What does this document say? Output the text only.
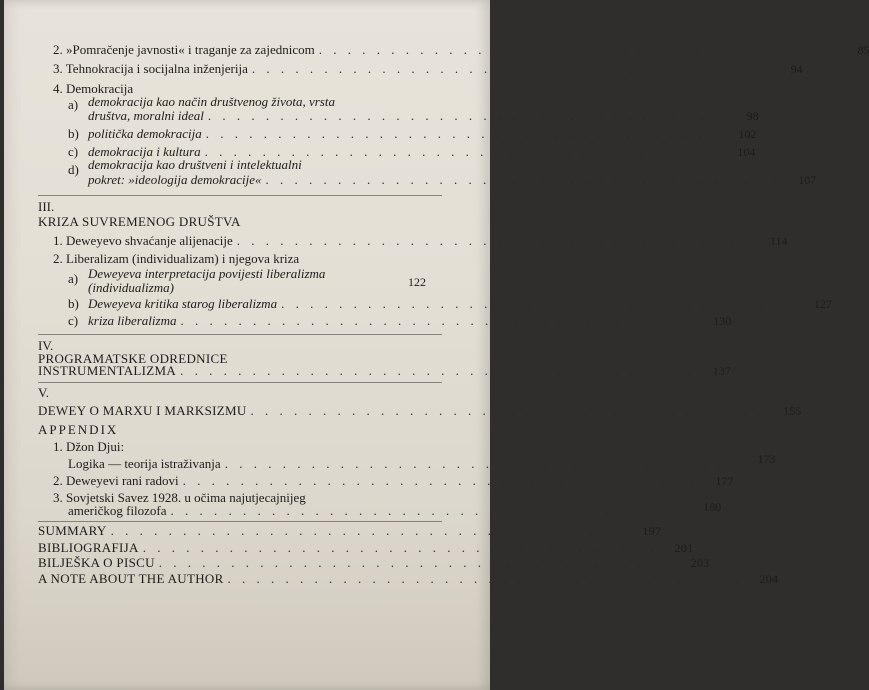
2. »Pomračenje javnosti« i traganje za zajednicom . . . . . . . . . . . . . . . . . . . . . . . . . . . . . . . . . . . .	85
3. Tehnokracija i socijalna inženjerija . . . . . . . . . . . . . . . . . . . . . . . . . . . . . . . . . . . .	94
4. Demokracija
a) demokracija kao način društvenog života, vrsta
društva, moralni ideal . . . . . . . . . . . . . . . . . . . . . . . . . . . . . . . . . . . .	98
b) politička demokracija . . . . . . . . . . . . . . . . . . . . . . . . . . . . . . . . . . . .	102
c) demokracija i kultura . . . . . . . . . . . . . . . . . . . . . . . . . . . . . . . . . . . .	104
d) demokracija kao društveni i intelektualni
pokret: »ideologija demokracije« . . . . . . . . . . . . . . . . . . . . . . . . . . . . . . . . . . . .	107
III.
KRIZA SUVREMENOG DRUŠTVA
1. Deweyevo shvaćanje alijenacije . . . . . . . . . . . . . . . . . . . . . . . . . . . . . . . . . . . .	114
2. Liberalizam (individualizam) i njegova kriza
a) Deweyeva interpretacija povijesti liberalizma
(individualizma)	122
b) Deweyeva kritika starog liberalizma . . . . . . . . . . . . . . . . . . . . . . . . . . . . . . . . . . . .	127
c) kriza liberalizma . . . . . . . . . . . . . . . . . . . . . . . . . . . . . . . . . . . .	130
IV.
PROGRAMATSKE ODREDNICE
INSTRUMENTALIZMA . . . . . . . . . . . . . . . . . . . . . . . . . . . . . . . . . . . .	137
V.
DEWEY O MARXU I MARKSIZMU . . . . . . . . . . . . . . . . . . . . . . . . . . . . . . . . . . . .	155
APPENDIX
1. Džon Djui:
Logika — teorija istraživanja . . . . . . . . . . . . . . . . . . . . . . . . . . . . . . . . . . . .	173
2. Deweyevi rani radovi . . . . . . . . . . . . . . . . . . . . . . . . . . . . . . . . . . . .	177
3. Sovjetski Savez 1928. u očima najutjecajnijeg
američkog filozofa . . . . . . . . . . . . . . . . . . . . . . . . . . . . . . . . . . . .	180
SUMMARY . . . . . . . . . . . . . . . . . . . . . . . . . . . . . . . . . . . .	197
BIBLIOGRAFIJA . . . . . . . . . . . . . . . . . . . . . . . . . . . . . . . . . . . .	201
BILJEŠKA O PISCU . . . . . . . . . . . . . . . . . . . . . . . . . . . . . . . . . . . .	203
A NOTE ABOUT THE AUTHOR . . . . . . . . . . . . . . . . . . . . . . . . . . . . . . . . . . . .	204
